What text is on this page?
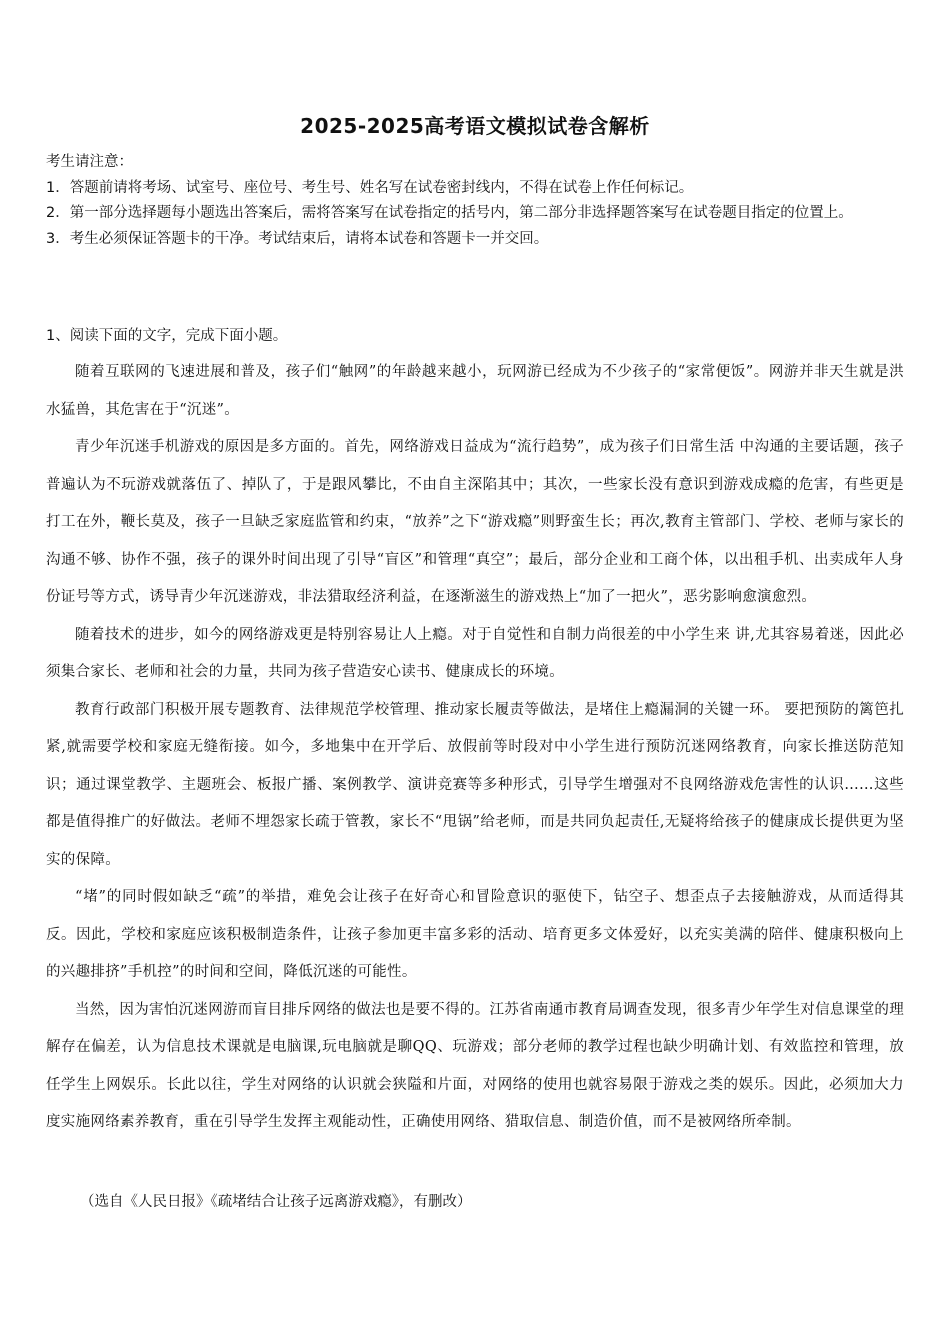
2025-2025高考语文模拟试卷含解析

考生请注意：

1．答题前请将考场、试室号、座位号、考生号、姓名写在试卷密封线内，不得在试卷上作任何标记。

2．第一部分选择题每小题选出答案后，需将答案写在试卷指定的括号内，第二部分非选择题答案写在试卷题目指定的位置上。

3．考生必须保证答题卡的干净。考试结束后，请将本试卷和答题卡一并交回。

1、阅读下面的文字，完成下面小题。

随着互联网的飞速进展和普及，孩子们“触网”的年龄越来越小，玩网游已经成为不少孩子的“家常便饭”。网游并非天生就是洪水猛兽，其危害在于“沉迷”。

青少年沉迷手机游戏的原因是多方面的。首先，网络游戏日益成为“流行趋势”，成为孩子们日常生活 中沟通的主要话题，孩子普遍认为不玩游戏就落伍了、掉队了，于是跟风攀比，不由自主深陷其中；其次，一些家长没有意识到游戏成瘾的危害，有些更是打工在外，鞭长莫及，孩子一旦缺乏家庭监管和约束，“放养”之下“游戏瘾”则野蛮生长；再次,教育主管部门、学校、老师与家长的沟通不够、协作不强，孩子的课外时间出现了引导“盲区”和管理“真空”；最后，部分企业和工商个体，以出租手机、出卖成年人身份证号等方式，诱导青少年沉迷游戏，非法猎取经济利益，在逐渐滋生的游戏热上“加了一把火”，恶劣影响愈演愈烈。

随着技术的进步，如今的网络游戏更是特别容易让人上瘾。对于自觉性和自制力尚很差的中小学生来 讲,尤其容易着迷，因此必须集合家长、老师和社会的力量，共同为孩子营造安心读书、健康成长的环境。

教育行政部门积极开展专题教育、法律规范学校管理、推动家长履责等做法，是堵住上瘾漏洞的关键一环。 要把预防的篱笆扎紧,就需要学校和家庭无缝衔接。如今，多地集中在开学后、放假前等时段对中小学生进行预防沉迷网络教育，向家长推送防范知识；通过课堂教学、主题班会、板报广播、案例教学、演讲竞赛等多种形式，引导学生增强对不良网络游戏危害性的认识……这些都是值得推广的好做法。老师不埋怨家长疏于管教，家长不“甩锅”给老师，而是共同负起责任,无疑将给孩子的健康成长提供更为坚实的保障。

“堵”的同时假如缺乏“疏”的举措，难免会让孩子在好奇心和冒险意识的驱使下，钻空子、想歪点子去接触游戏，从而适得其反。因此，学校和家庭应该积极制造条件，让孩子参加更丰富多彩的活动、培育更多文体爱好，以充实美满的陪伴、健康积极向上的兴趣排挤”手机控”的时间和空间，降低沉迷的可能性。

当然，因为害怕沉迷网游而盲目排斥网络的做法也是要不得的。江苏省南通市教育局调查发现，很多青少年学生对信息课堂的理解存在偏差，认为信息技术课就是电脑课,玩电脑就是聊QQ、玩游戏；部分老师的教学过程也缺少明确计划、有效监控和管理，放任学生上网娱乐。长此以往，学生对网络的认识就会狭隘和片面，对网络的使用也就容易限于游戏之类的娱乐。因此，必须加大力度实施网络素养教育，重在引导学生发挥主观能动性，正确使用网络、猎取信息、制造价值，而不是被网络所牵制。

（选自《人民日报》《疏堵结合让孩子远离游戏瘾》，有删改）
